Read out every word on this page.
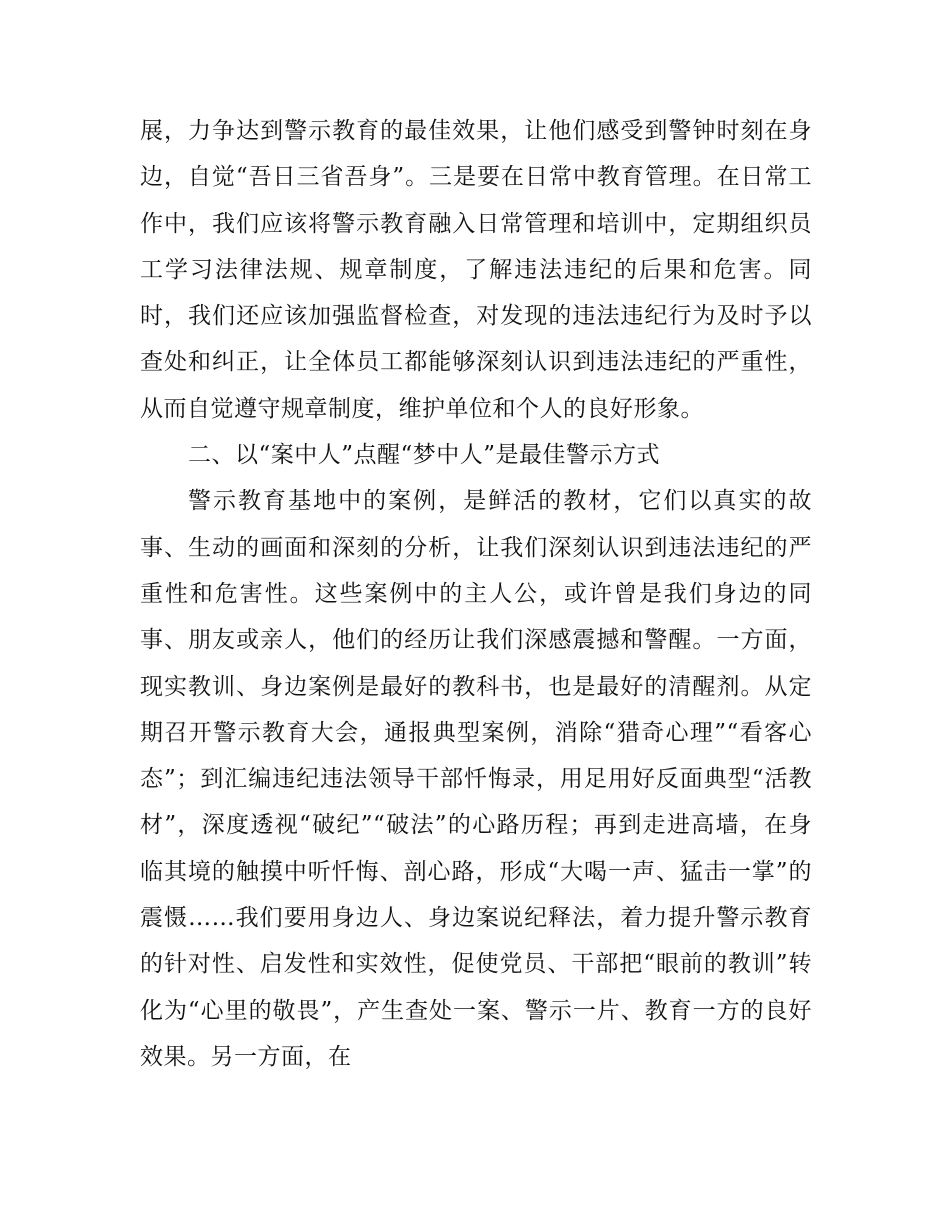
展，力争达到警示教育的最佳效果，让他们感受到警钟时刻在身边，自觉“吾日三省吾身”。三是要在日常中教育管理。在日常工作中，我们应该将警示教育融入日常管理和培训中，定期组织员工学习法律法规、规章制度，了解违法违纪的后果和危害。同时，我们还应该加强监督检查，对发现的违法违纪行为及时予以查处和纠正，让全体员工都能够深刻认识到违法违纪的严重性，从而自觉遵守规章制度，维护单位和个人的良好形象。

二、以“案中人”点醒“梦中人”是最佳警示方式

警示教育基地中的案例，是鲜活的教材，它们以真实的故事、生动的画面和深刻的分析，让我们深刻认识到违法违纪的严重性和危害性。这些案例中的主人公，或许曾是我们身边的同事、朋友或亲人，他们的经历让我们深感震撼和警醒。一方面，现实教训、身边案例是最好的教科书，也是最好的清醒剂。从定期召开警示教育大会，通报典型案例，消除“猎奇心理”“看客心态”；到汇编违纪违法领导干部忏悔录，用足用好反面典型“活教材”，深度透视“破纪”“破法”的心路历程；再到走进高墙，在身临其境的触摸中听忏悔、剖心路，形成“大喝一声、猛击一掌”的震慑……我们要用身边人、身边案说纪释法，着力提升警示教育的针对性、启发性和实效性，促使党员、干部把“眼前的教训”转化为“心里的敬畏”，产生查处一案、警示一片、教育一方的良好效果。另一方面，在
